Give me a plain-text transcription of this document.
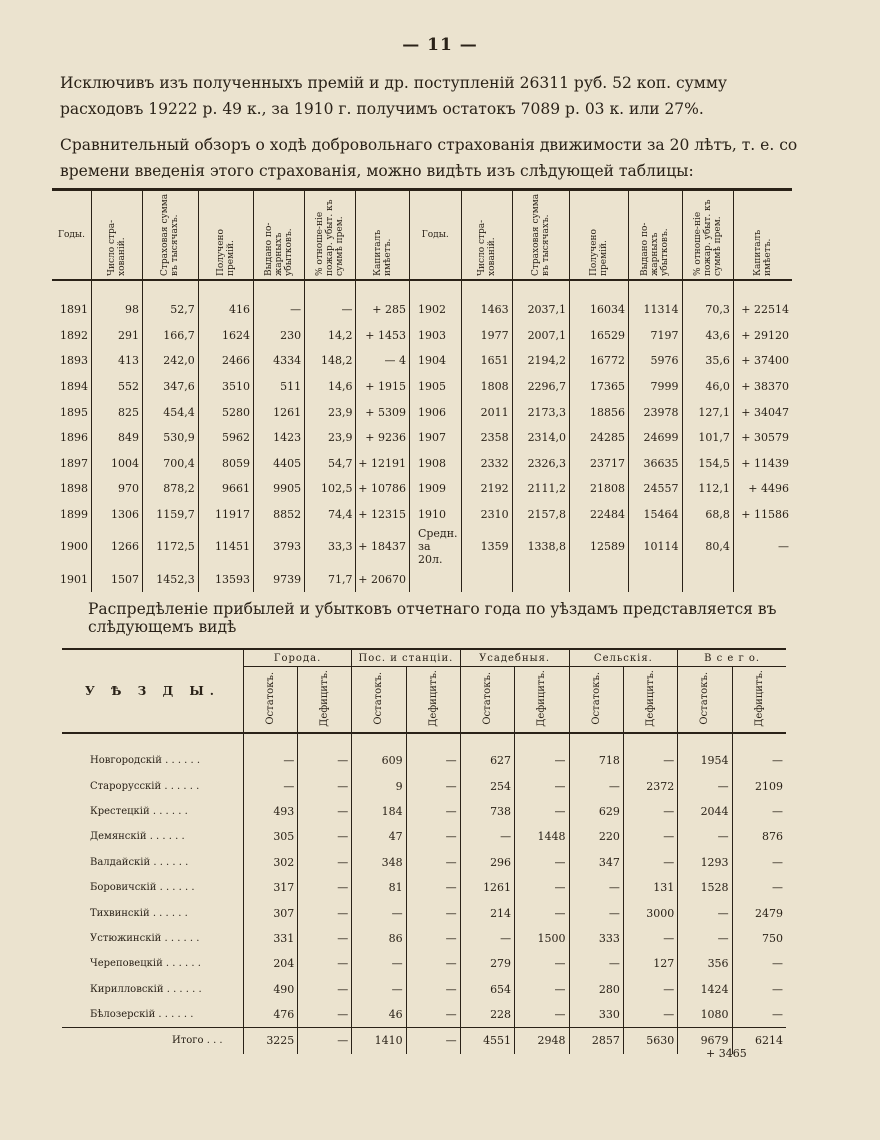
— 11 —
Исключивъ изъ полученныхъ премій и др. поступленій 26311 руб. 52 коп. сумму расходовъ 19222 р. 49 к., за 1910 г. получимъ остатокъ 7089 р. 03 к. или 27%.
Сравнительный обзоръ о ходѣ добровольнаго страхованія движимости за 20 лѣтъ, т. е. со времени введенія этого страхованія, можно видѣть изъ слѣдующей таблицы:
Годы.	Число стра-хованій.	Страховая сумма въ тысячахъ.	Получено премій.	Выдано по-жарныхъ убытковъ.	% отноше-ніе пожар. убыт. къ суммѣ прем.	Капиталъ имѣетъ.	Годы.	Число стра-хованій.	Страховая сумма въ тысячахъ.	Получено премій.	Выдано по-жарныхъ убытковъ.	% отноше-ніе пожар. убыт. къ суммѣ прем.	Капиталъ имѣетъ.
1891	98	52,7	416	—	—	+ 285	1902	1463	2037,1	16034	11314	70,3	+ 22514
1892	291	166,7	1624	230	14,2	+ 1453	1903	1977	2007,1	16529	7197	43,6	+ 29120
1893	413	242,0	2466	4334	148,2	— 4	1904	1651	2194,2	16772	5976	35,6	+ 37400
1894	552	347,6	3510	511	14,6	+ 1915	1905	1808	2296,7	17365	7999	46,0	+ 38370
1895	825	454,4	5280	1261	23,9	+ 5309	1906	2011	2173,3	18856	23978	127,1	+ 34047
1896	849	530,9	5962	1423	23,9	+ 9236	1907	2358	2314,0	24285	24699	101,7	+ 30579
1897	1004	700,4	8059	4405	54,7	+ 12191	1908	2332	2326,3	23717	36635	154,5	+ 11439
1898	970	878,2	9661	9905	102,5	+ 10786	1909	2192	2111,2	21808	24557	112,1	+ 4496
1899	1306	1159,7	11917	8852	74,4	+ 12315	1910	2310	2157,8	22484	15464	68,8	+ 11586
1900	1266	1172,5	11451	3793	33,3	+ 18437	Средн. за 20л.	1359	1338,8	12589	10114	80,4	—
1901	1507	1452,3	13593	9739	71,7	+ 20670							
Распредѣленіе прибылей и убытковъ отчетнаго года по уѣздамъ представляется въ слѣдующемъ видѣ
У Ѣ З Д Ы.	Города.		Пос. и станціи.		Усадебныя.		Сельскія.		В с е г о.	
	Остатокъ.	Дефицитъ.	Остатокъ.	Дефицитъ.	Остатокъ.	Дефицитъ.	Остатокъ.	Дефицитъ.	Остатокъ.	Дефицитъ.
Новгородскій . . . . . .	—	—	609	—	627	—	718	—	1954	—
Старорусскій . . . . . .	—	—	9	—	254	—	—	2372	—	2109
Крестецкій . . . . . .	493	—	184	—	738	—	629	—	2044	—
Демянскій . . . . . .	305	—	47	—	—	1448	220	—	—	876
Валдайскій . . . . . .	302	—	348	—	296	—	347	—	1293	—
Боровичскій . . . . . .	317	—	81	—	1261	—	—	131	1528	—
Тихвинскій . . . . . .	307	—	—	—	214	—	—	3000	—	2479
Устюжинскій . . . . . .	331	—	86	—	—	1500	333	—	—	750
Череповецкій . . . . . .	204	—	—	—	279	—	—	127	356	—
Кирилловскій . . . . . .	490	—	—	—	654	—	280	—	1424	—
Бѣлозерскій . . . . . .	476	—	46	—	228	—	330	—	1080	—
Итого . . .	3225	—	1410	—	4551	2948	2857	5630	9679	6214
+ 3465
